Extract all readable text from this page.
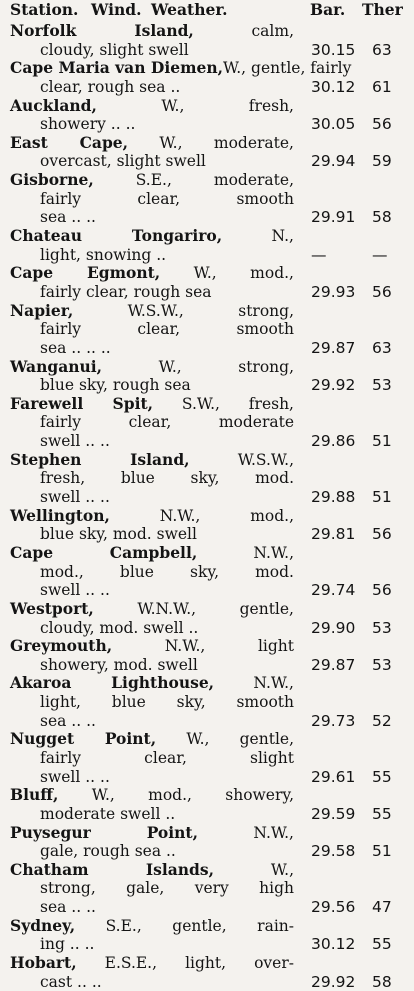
Station. Wind. Weather.	Bar. Ther
Norfolk Island, calm,
cloudy, slight swell	30.15 63
Cape Maria van Diemen,W., gentle, fairly
clear, rough sea ..	30.12 61
Auckland, W., fresh,
showery .. ..	30.05 56
East Cape, W., moderate,
overcast, slight swell	29.94 59
Gisborne, S.E., moderate,
fairly clear, smooth
sea .. ..	29.91 58
Chateau Tongariro, N.,
light, snowing ..	—	—
Cape Egmont, W., mod.,
fairly clear, rough sea	29.93 56
Napier, W.S.W., strong,
fairly clear, smooth
sea .. .. ..	29.87 63
Wanganui, W., strong,
blue sky, rough sea	29.92 53
Farewell Spit, S.W., fresh,
fairly clear, moderate
swell .. ..	29.86 51
Stephen Island, W.S.W.,
fresh, blue sky, mod.
swell .. ..	29.88 51
Wellington, N.W., mod.,
blue sky, mod. swell	29.81 56
Cape Campbell, N.W.,
mod., blue sky, mod.
swell .. ..	29.74 56
Westport, W.N.W., gentle,
cloudy, mod. swell ..	29.90 53
Greymouth, N.W., light
showery, mod. swell	29.87 53
Akaroa Lighthouse, N.W.,
light, blue sky, smooth
sea .. ..	29.73 52
Nugget Point, W., gentle,
fairly clear, slight
swell .. ..	29.61 55
Bluff, W., mod., showery,
moderate swell ..	29.59 55
Puysegur Point, N.W.,
gale, rough sea ..	29.58 51
Chatham Islands, W.,
strong, gale, very high
sea .. ..	29.56 47
Sydney, S.E., gentle, rain-
ing .. ..	30.12 55
Hobart, E.S.E., light, over-
cast .. ..	29.92 58
